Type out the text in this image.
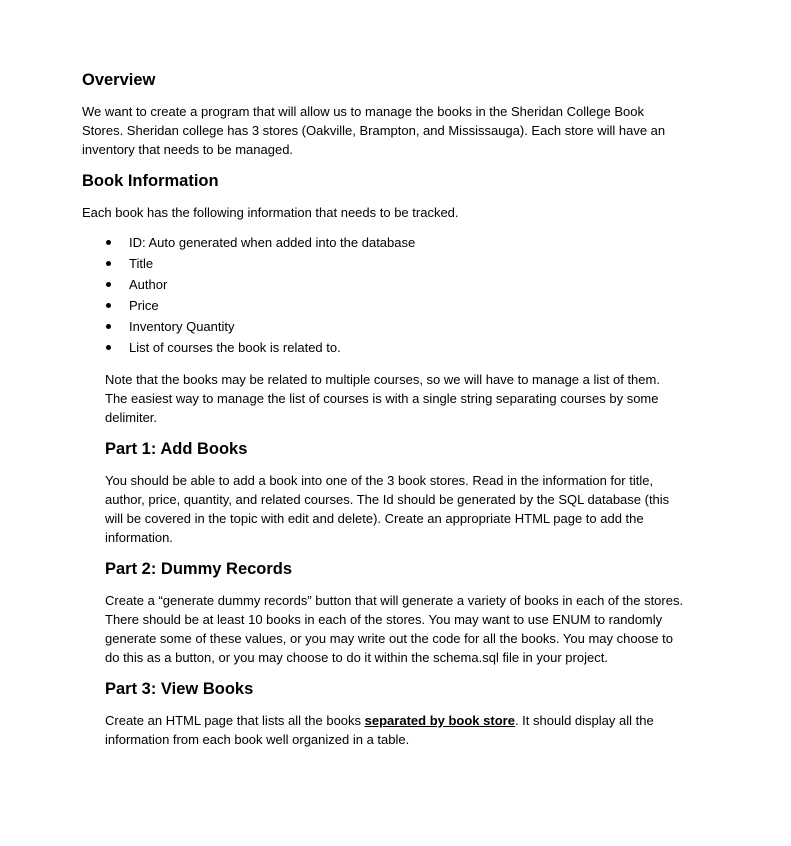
Overview

We want to create a program that will allow us to manage the books in the Sheridan College Book Stores. Sheridan college has 3 stores (Oakville, Brampton, and Mississauga). Each store will have an inventory that needs to be managed.

Book Information

Each book has the following information that needs to be tracked.

ID: Auto generated when added into the database
Title
Author
Price
Inventory Quantity
List of courses the book is related to.

Note that the books may be related to multiple courses, so we will have to manage a list of them. The easiest way to manage the list of courses is with a single string separating courses by some delimiter.

Part 1: Add Books

You should be able to add a book into one of the 3 book stores. Read in the information for title, author, price, quantity, and related courses. The Id should be generated by the SQL database (this will be covered in the topic with edit and delete). Create an appropriate HTML page to add the information.

Part 2: Dummy Records

Create a “generate dummy records” button that will generate a variety of books in each of the stores. There should be at least 10 books in each of the stores. You may want to use ENUM to randomly generate some of these values, or you may write out the code for all the books. You may choose to do this as a button, or you may choose to do it within the schema.sql file in your project.

Part 3: View Books

Create an HTML page that lists all the books separated by book store. It should display all the information from each book well organized in a table.
